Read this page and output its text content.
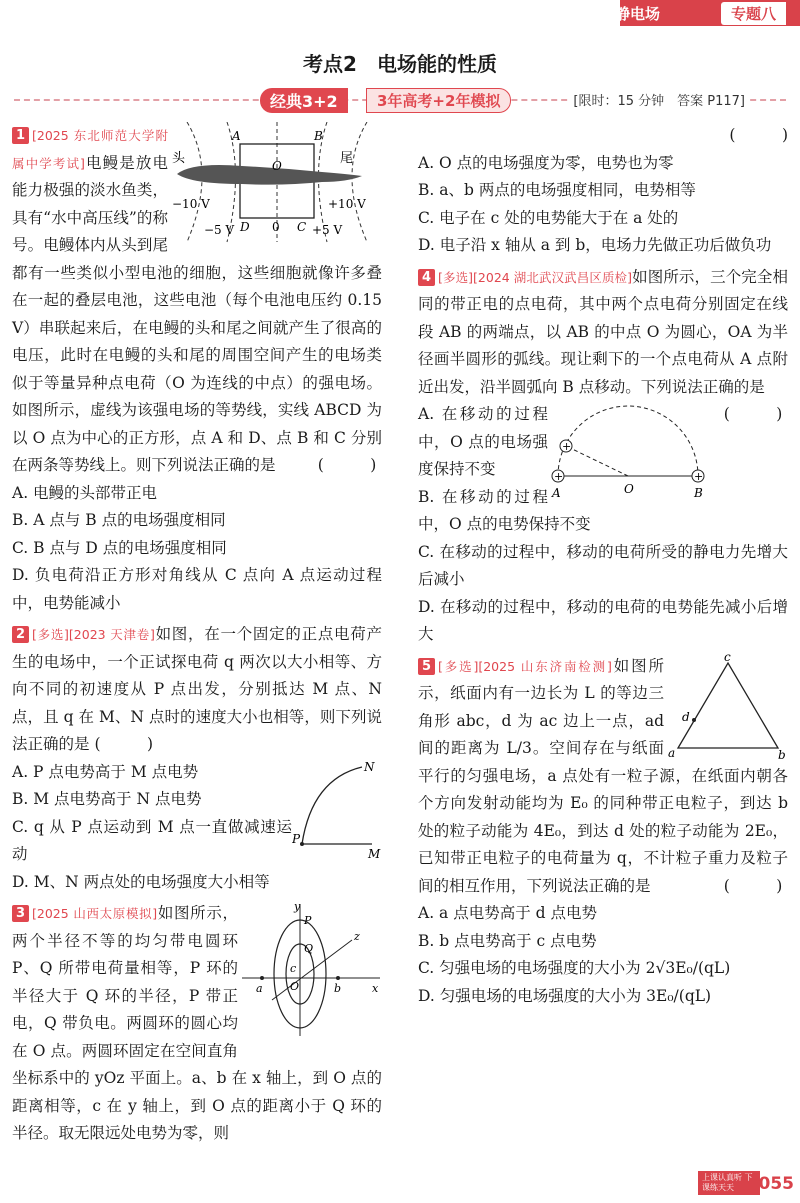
静电场	专题八
考点2　电场能的性质
经典3+2	3年高考+2年模拟	[限时：15 分钟　答案 P117]
A	B
O
头	尾
−10 V	+10 V
−5 V D 0 C +5 V

1 [2025 东北师范大学附属中学考试]电鳗是放电能力极强的淡水鱼类，具有“水中高压线”的称号。电鳗体内从头到尾都有一些类似小型电池的细胞，这些细胞就像许多叠在一起的叠层电池，这些电池（每个电池电压约 0.15 V）串联起来后，在电鳗的头和尾之间就产生了很高的电压，此时在电鳗的头和尾的周围空间产生的电场类似于等量异种点电荷（O 为连线的中点）的强电场。如图所示，虚线为该强电场的等势线，实线 ABCD 为以 O 点为中心的正方形，点 A 和 D、点 B 和 C 分别在两条等势线上。则下列说法正确的是	(　　　)

A. 电鳗的头部带正电

B. A 点与 B 点的电场强度相同

C. B 点与 D 点的电场强度相同

D. 负电荷沿正方形对角线从 C 点向 A 点运动过程中，电势能减小

2 [多选][2023 天津卷]如图，在一个固定的正点电荷产生的电场中，一个正试探电荷 q 两次以大小相等、方向不同的初速度从 P 点出发，分别抵达 M 点、N 点，且 q 在 M、N 点时的速度大小也相等，则下列说法正确的是 (　　　)

P
N
M

A. P 点电势高于 M 点电势

B. M 点电势高于 N 点电势

C. q 从 P 点运动到 M 点一直做减速运动

D. M、N 两点处的电场强度大小相等

y
z
x
P
Q
c
O
a	b

3 [2025 山西太原模拟]如图所示，两个半径不等的均匀带电圆环 P、Q 所带电荷量相等，P 环的半径大于 Q 环的半径，P 带正电，Q 带负电。两圆环的圆心均在 O 点。两圆环固定在空间直角坐标系中的 yOz 平面上。a、b 在 x 轴上，到 O 点的距离相等，c 在 y 轴上，到 O 点的距离小于 Q 环的半径。取无限远处电势为零，则

(　　　)

A. O 点的电场强度为零，电势也为零

B. a、b 两点的电场强度相同，电势相等

C. 电子在 c 处的电势能大于在 a 处的

D. 电子沿 x 轴从 a 到 b，电场力先做正功后做负功

4 [多选][2024 湖北武汉武昌区质检]如图所示，三个完全相同的带正电的点电荷，其中两个点电荷分别固定在线段 AB 的两端点，以 AB 的中点 O 为圆心，OA 为半径画半圆形的弧线。现让剩下的一个点电荷从 A 点附近出发，沿半圆弧向 B 点移动。下列说法正确的是
(　　　)

+	+
+
A	O	B

A. 在移动的过程中，O 点的电场强度保持不变

B. 在移动的过程中，O 点的电势保持不变

C. 在移动的过程中，移动的电荷所受的静电力先增大后减小

D. 在移动的过程中，移动的电荷的电势能先减小后增大

a	b
c
d

5 [多选][2025 山东济南检测]如图所示，纸面内有一边长为 L 的等边三角形 abc，d 为 ac 边上一点，ad 间的距离为 L/3。空间存在与纸面平行的匀强电场，a 点处有一粒子源，在纸面内朝各个方向发射动能均为 E₀ 的同种带正电粒子，到达 b 处的粒子动能为 4E₀，到达 d 处的粒子动能为 2E₀，已知带正电粒子的电荷量为 q，不计粒子重力及粒子间的相互作用，下列说法正确的是	(　　　)

A. a 点电势高于 d 点电势

B. b 点电势高于 c 点电势

C. 匀强电场的电场强度的大小为 2√3E₀/(qL)

D. 匀强电场的电场强度的大小为 3E₀/(qL)

上课认真听 下课练天天	055
